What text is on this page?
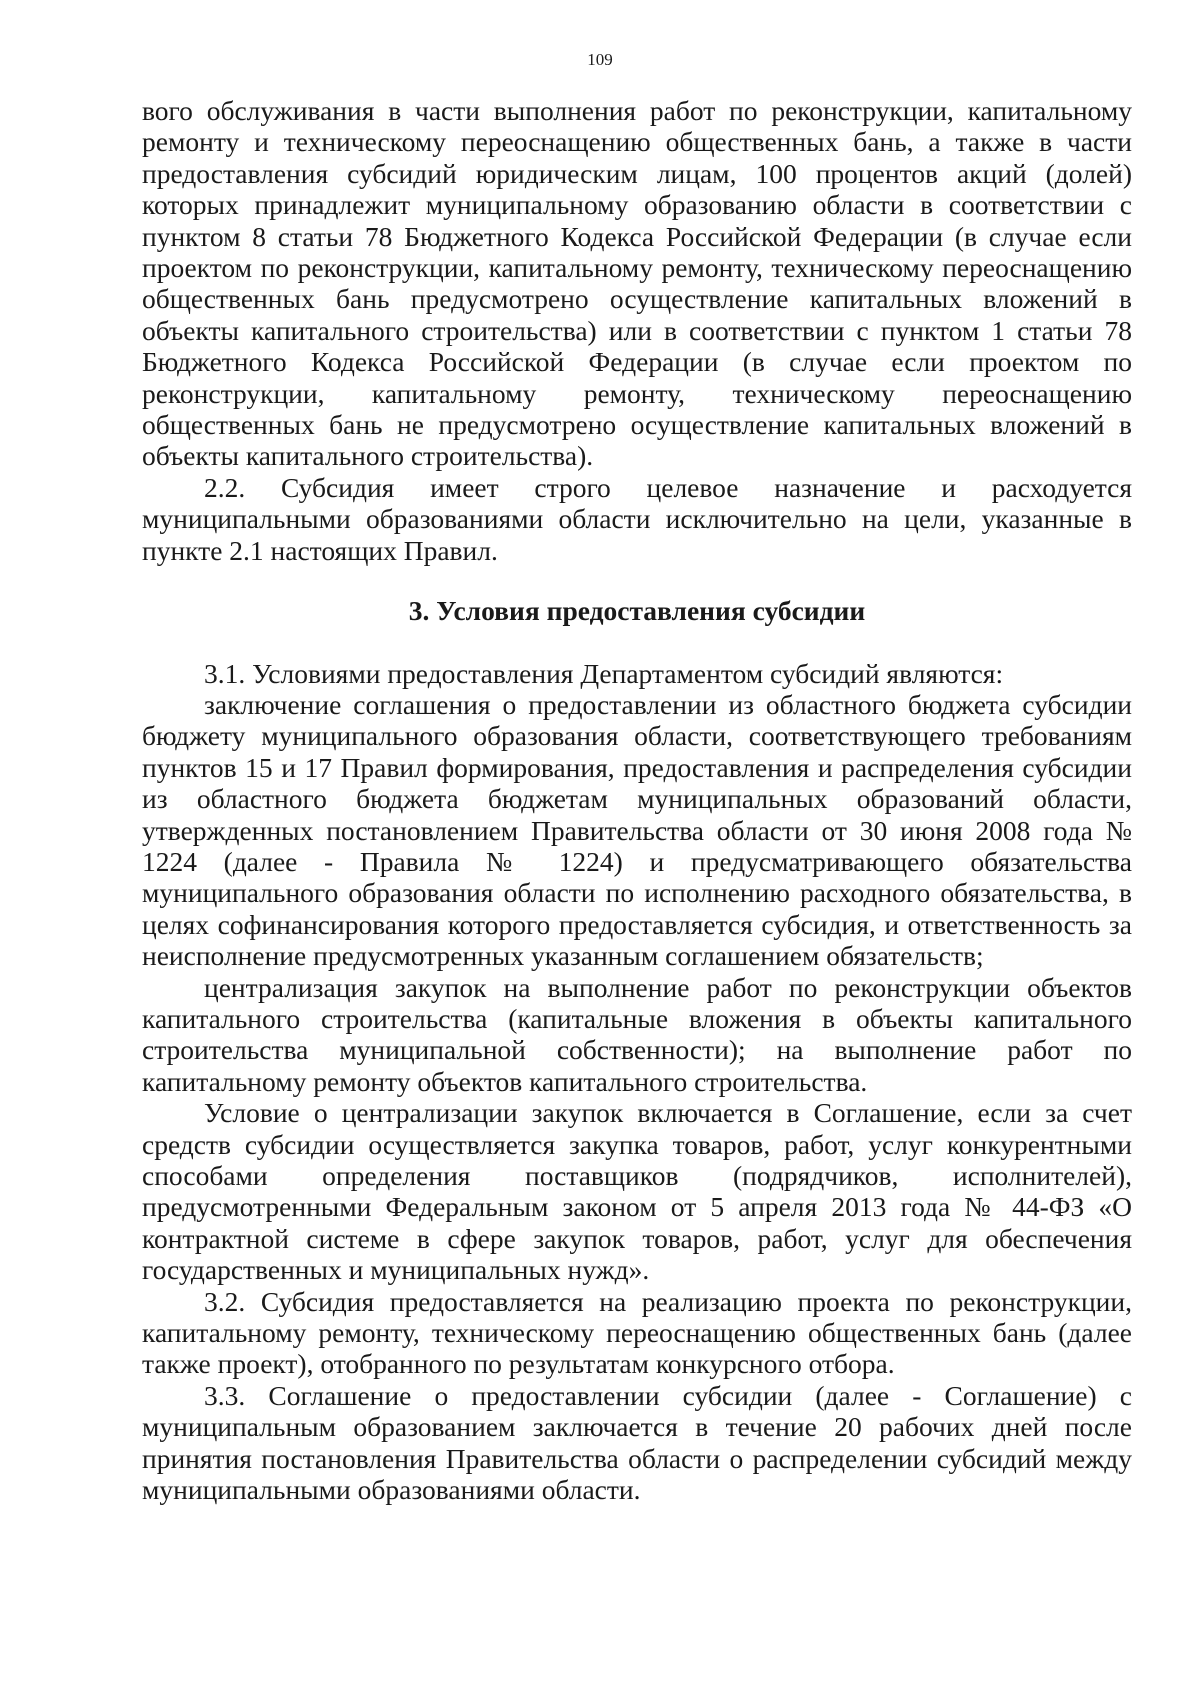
109

вого обслуживания в части выполнения работ по реконструкции, капитальному ремонту и техническому переоснащению общественных бань, а также в части предоставления субсидий юридическим лицам, 100 процентов акций (долей) которых принадлежит муниципальному образованию области в соответствии с пунктом 8 статьи 78 Бюджетного Кодекса Российской Федерации (в случае если проектом по реконструкции, капитальному ремонту, техническому переоснащению общественных бань предусмотрено осуществление капитальных вложений в объекты капитального строительства) или в соответствии с пунктом 1 статьи 78 Бюджетного Кодекса Российской Федерации (в случае если проектом по реконструкции, капитальному ремонту, техническому переоснащению общественных бань не предусмотрено осуществление капитальных вложений в объекты капитального строительства).

2.2. Субсидия имеет строго целевое назначение и расходуется муниципальными образованиями области исключительно на цели, указанные в пункте 2.1 настоящих Правил.

3. Условия предоставления субсидии

3.1. Условиями предоставления Департаментом субсидий являются:

заключение соглашения о предоставлении из областного бюджета субсидии бюджету муниципального образования области, соответствующего требованиям пунктов 15 и 17 Правил формирования, предоставления и распределения субсидии из областного бюджета бюджетам муниципальных образований области, утвержденных постановлением Правительства области от 30 июня 2008 года № 1224 (далее - Правила № 1224) и предусматривающего обязательства муниципального образования области по исполнению расходного обязательства, в целях софинансирования которого предоставляется субсидия, и ответственность за неисполнение предусмотренных указанным соглашением обязательств;

централизация закупок на выполнение работ по реконструкции объектов капитального строительства (капитальные вложения в объекты капитального строительства муниципальной собственности); на выполнение работ по капитальному ремонту объектов капитального строительства.

Условие о централизации закупок включается в Соглашение, если за счет средств субсидии осуществляется закупка товаров, работ, услуг конкурентными способами определения поставщиков (подрядчиков, исполнителей), предусмотренными Федеральным законом от 5 апреля 2013 года № 44-ФЗ «О контрактной системе в сфере закупок товаров, работ, услуг для обеспечения государственных и муниципальных нужд».

3.2. Субсидия предоставляется на реализацию проекта по реконструкции, капитальному ремонту, техническому переоснащению общественных бань (далее также проект), отобранного по результатам конкурсного отбора.

3.3. Соглашение о предоставлении субсидии (далее - Соглашение) с муниципальным образованием заключается в течение 20 рабочих дней после принятия постановления Правительства области о распределении субсидий между муниципальными образованиями области.
